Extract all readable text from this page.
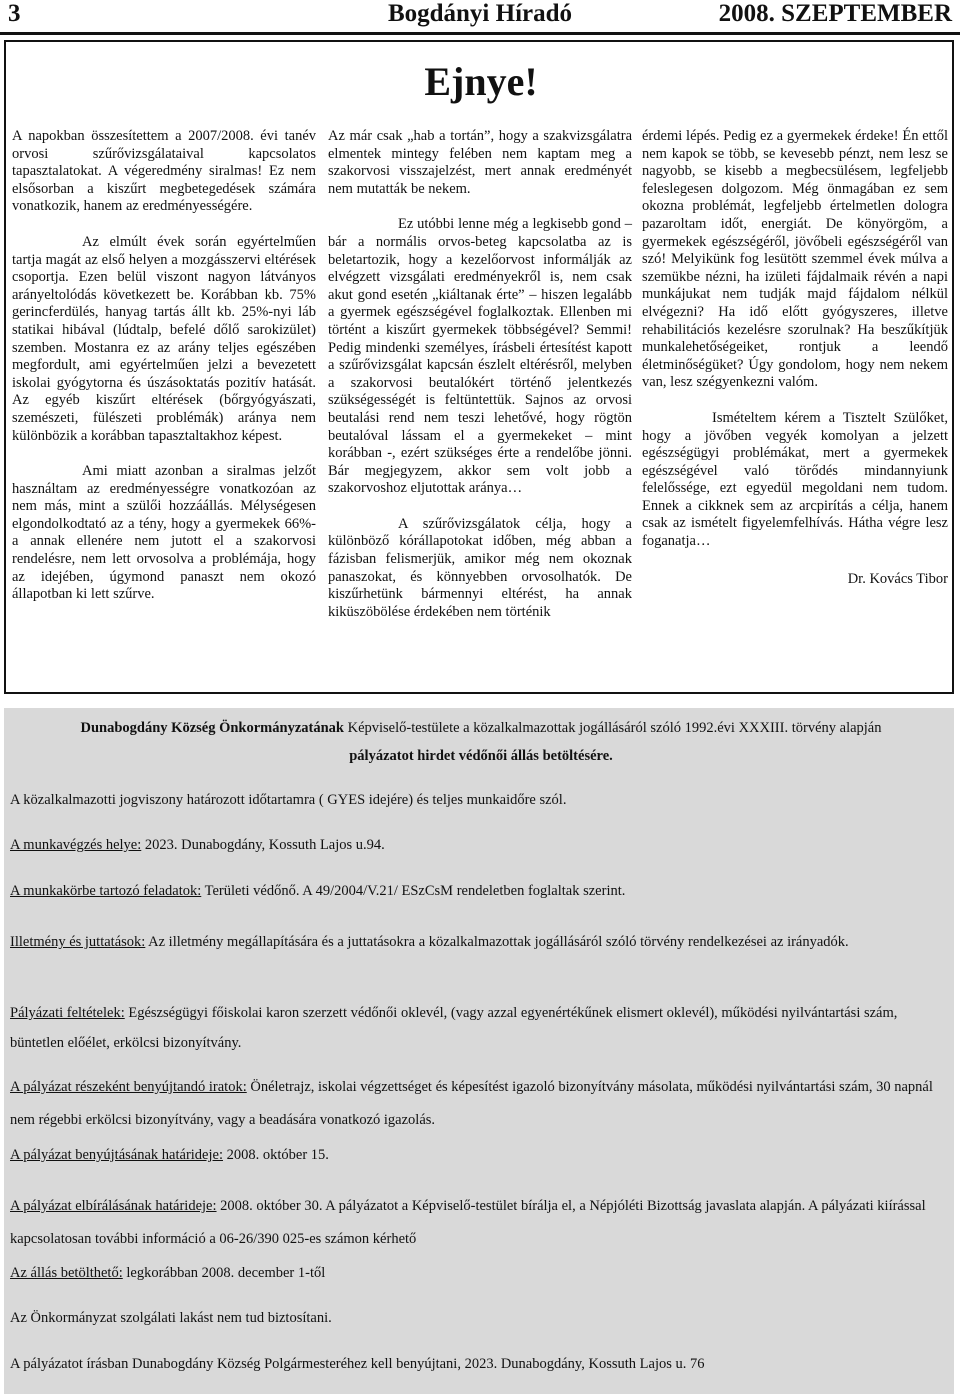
3	Bogdányi Híradó	2008. SZEPTEMBER
Ejnye!

A napokban összesítettem a 2007/2008. évi tanév orvosi szűrővizsgálataival kapcsolatos tapasztalatokat. A végeredmény siralmas! Ez nem elsősorban a kiszűrt megbetegedések számára vonatkozik, hanem az eredményességére.

Az elmúlt évek során egyértelműen tartja magát az első helyen a mozgásszervi eltérések csoportja. Ezen belül viszont nagyon látványos arányeltolódás következett be. Korábban kb. 75% gerincferdülés, hanyag tartás állt kb. 25%-nyi láb statikai hibával (lúdtalp, befelé dőlő sarokizület) szemben. Mostanra ez az arány teljes egészében megfordult, ami egyértelműen jelzi a bevezetett iskolai gyógytorna és úszásoktatás pozitív hatását. Az egyéb kiszűrt eltérések (bőrgyógyászati, szemészeti, fülészeti problémák) aránya nem különbözik a korábban tapasztaltakhoz képest.

Ami miatt azonban a siralmas jelzőt használtam az eredményességre vonatkozóan az nem más, mint a szülői hozzáállás. Mélységesen elgondolkodtató az a tény, hogy a gyermekek 66%-a annak ellenére nem jutott el a szakorvosi rendelésre, nem lett orvosolva a problémája, hogy az idejében, úgymond panaszt nem okozó állapotban ki lett szűrve.

Az már csak „hab a tortán”, hogy a szakvizsgálatra elmentek mintegy felében nem kaptam meg a szakorvosi visszajelzést, mert annak eredményét nem mutatták be nekem.

Ez utóbbi lenne még a legkisebb gond – bár a normális orvos-beteg kapcsolatba az is beletartozik, hogy a kezelőorvost informálják az elvégzett vizsgálati eredményekről is, nem csak akut gond esetén „kiáltanak érte” – hiszen legalább a gyermek egészségével foglalkoztak. Ellenben mi történt a kiszűrt gyermekek többségével? Semmi! Pedig mindenki személyes, írásbeli értesítést kapott a szűrővizsgálat kapcsán észlelt eltérésről, melyben a szakorvosi beutalókért történő jelentkezés szükségességét is feltüntettük. Sajnos az orvosi beutalási rend nem teszi lehetővé, hogy rögtön beutalóval lássam el a gyermekeket – mint korábban -, ezért szükséges érte a rendelőbe jönni. Bár megjegyzem, akkor sem volt jobb a szakorvoshoz eljutottak aránya…

A szűrővizsgálatok célja, hogy a különböző kórállapotokat időben, még abban a fázisban felismerjük, amikor még nem okoznak panaszokat, és könnyebben orvosolhatók. De kiszűrhetünk bármennyi eltérést, ha annak kiküszöbölése érdekében nem történik

érdemi lépés. Pedig ez a gyermekek érdeke! Én ettől nem kapok se több, se kevesebb pénzt, nem lesz se nagyobb, se kisebb a megbecsülésem, legfeljebb feleslegesen dolgozom. Még önmagában ez sem okozna problémát, legfeljebb értelmetlen dologra pazaroltam időt, energiát. De könyörgöm, a gyermekek egészségéről, jövőbeli egészségéről van szó! Melyikünk fog lesütött szemmel évek múlva a szemükbe nézni, ha izületi fájdalmaik révén a napi munkájukat nem tudják majd fájdalom nélkül elvégezni? Ha idő előtt gyógyszeres, illetve rehabilitációs kezelésre szorulnak? Ha beszűkítjük munkalehetőségeiket, rontjuk a leendő életminőségüket? Úgy gondolom, hogy nem nekem van, lesz szégyenkezni valóm.

Ismételtem kérem a Tisztelt Szülőket, hogy a jövőben vegyék komolyan a jelzett egészségügyi problémákat, mert a gyermekek egészségével való törődés mindannyiunk felelőssége, ezt egyedül megoldani nem tudom. Ennek a cikknek sem az arcpirítás a célja, hanem csak az ismételt figyelemfelhívás. Hátha végre lesz foganatja…

Dr. Kovács Tibor

Dunabogdány Község Önkormányzatának Képviselő-testülete a közalkalmazottak jogállásáról szóló 1992.évi XXXIII. törvény alapján

pályázatot hirdet védőnői állás betöltésére.

A közalkalmazotti jogviszony határozott időtartamra ( GYES idejére) és teljes munkaidőre szól.

A munkavégzés helye: 2023. Dunabogdány, Kossuth Lajos u.94.

A munkakörbe tartozó feladatok: Területi védőnő. A 49/2004/V.21/ ESzCsM rendeletben foglaltak szerint.

Illetmény és juttatások: Az illetmény megállapítására és a juttatásokra a közalkalmazottak jogállásáról szóló törvény rendelkezései az irányadók.

Pályázati feltételek: Egészségügyi főiskolai karon szerzett védőnői oklevél, (vagy azzal egyenértékűnek elismert oklevél), működési nyilvántartási szám, büntetlen előélet, erkölcsi bizonyítvány.

A pályázat részeként benyújtandó iratok: Önéletrajz, iskolai végzettséget és képesítést igazoló bizonyítvány másolata, működési nyilvántartási szám, 30 napnál nem régebbi erkölcsi bizonyítvány, vagy a beadására vonatkozó igazolás.

A pályázat benyújtásának határideje: 2008. október 15.

A pályázat elbírálásának határideje: 2008. október 30. A pályázatot a Képviselő-testület bírálja el, a Népjóléti Bizottság javaslata alapján. A pályázati kiírással kapcsolatosan további információ a 06-26/390 025-es számon kérhető

Az állás betölthető: legkorábban 2008. december 1-től

Az Önkormányzat szolgálati lakást nem tud biztosítani.

A pályázatot írásban Dunabogdány Község Polgármesteréhez kell benyújtani, 2023. Dunabogdány, Kossuth Lajos u. 76
